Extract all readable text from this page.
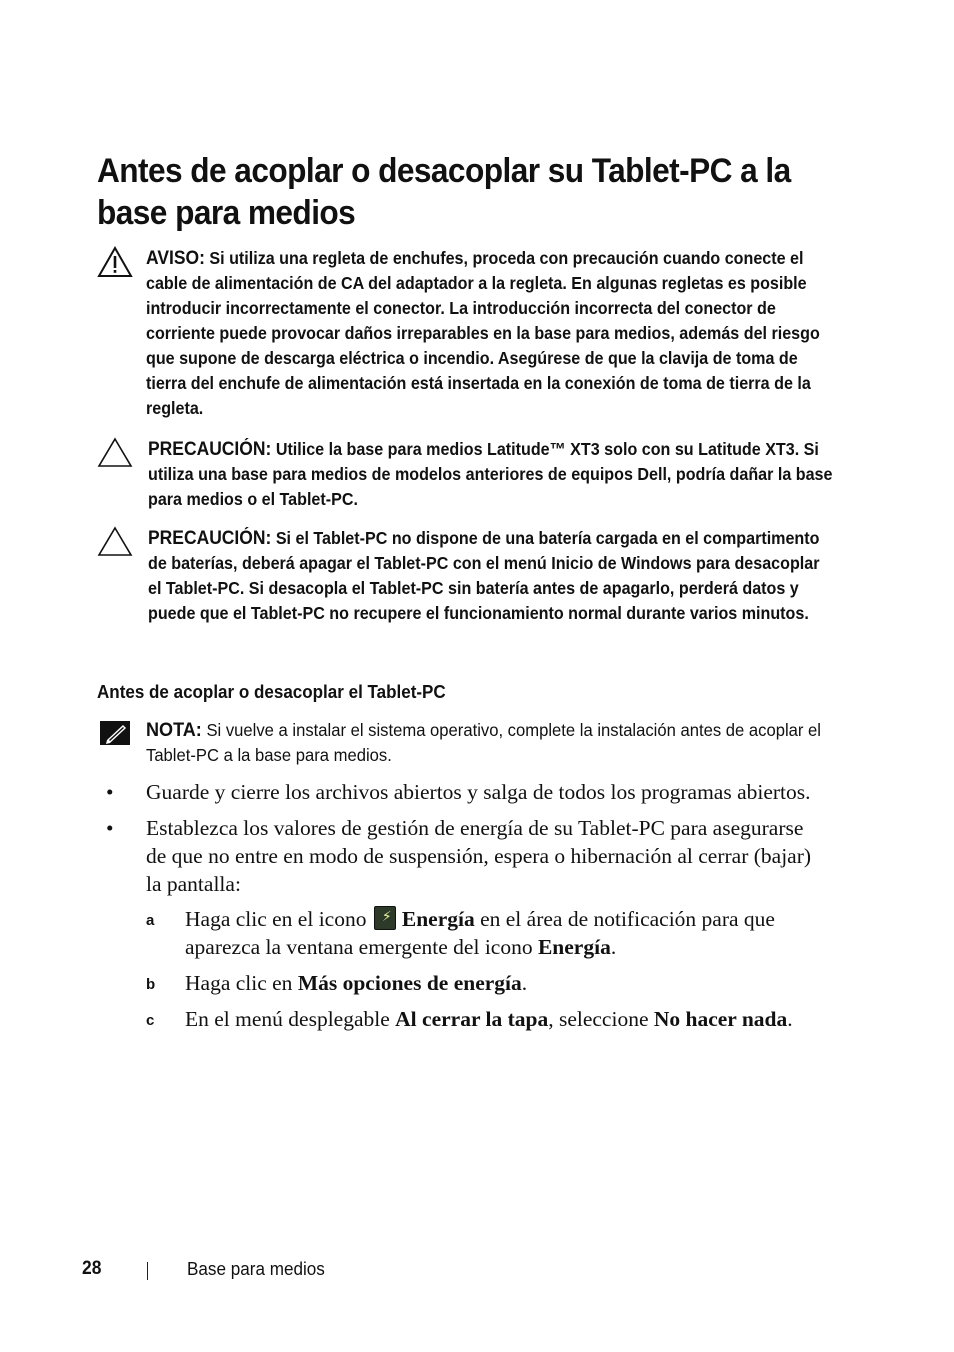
Antes de acoplar o desacoplar su Tablet-PC a la base para medios
AVISO: Si utiliza una regleta de enchufes, proceda con precaución cuando conecte el cable de alimentación de CA del adaptador a la regleta. En algunas regletas es posible introducir incorrectamente el conector. La introducción incorrecta del conector de corriente puede provocar daños irreparables en la base para medios, además del riesgo que supone de descarga eléctrica o incendio. Asegúrese de que la clavija de toma de tierra del enchufe de alimentación está insertada en la conexión de toma de tierra de la regleta.
PRECAUCIÓN: Utilice la base para medios Latitude™ XT3 solo con su Latitude XT3. Si utiliza una base para medios de modelos anteriores de equipos Dell, podría dañar la base para medios o el Tablet-PC.
PRECAUCIÓN: Si el Tablet-PC no dispone de una batería cargada en el compartimento de baterías, deberá apagar el Tablet-PC con el menú Inicio de Windows para desacoplar el Tablet-PC. Si desacopla el Tablet-PC sin batería antes de apagarlo, perderá datos y puede que el Tablet-PC no recupere el funcionamiento normal durante varios minutos.
Antes de acoplar o desacoplar el Tablet-PC
NOTA: Si vuelve a instalar el sistema operativo, complete la instalación antes de acoplar el Tablet-PC a la base para medios.
• Guarde y cierre los archivos abiertos y salga de todos los programas abiertos.
• Establezca los valores de gestión de energía de su Tablet-PC para asegurarse de que no entre en modo de suspensión, espera o hibernación al cerrar (bajar) la pantalla:
a Haga clic en el icono ⚡ Energía en el área de notificación para que aparezca la ventana emergente del icono Energía.
b Haga clic en Más opciones de energía.
c En el menú desplegable Al cerrar la tapa, seleccione No hacer nada.
28	Base para medios
